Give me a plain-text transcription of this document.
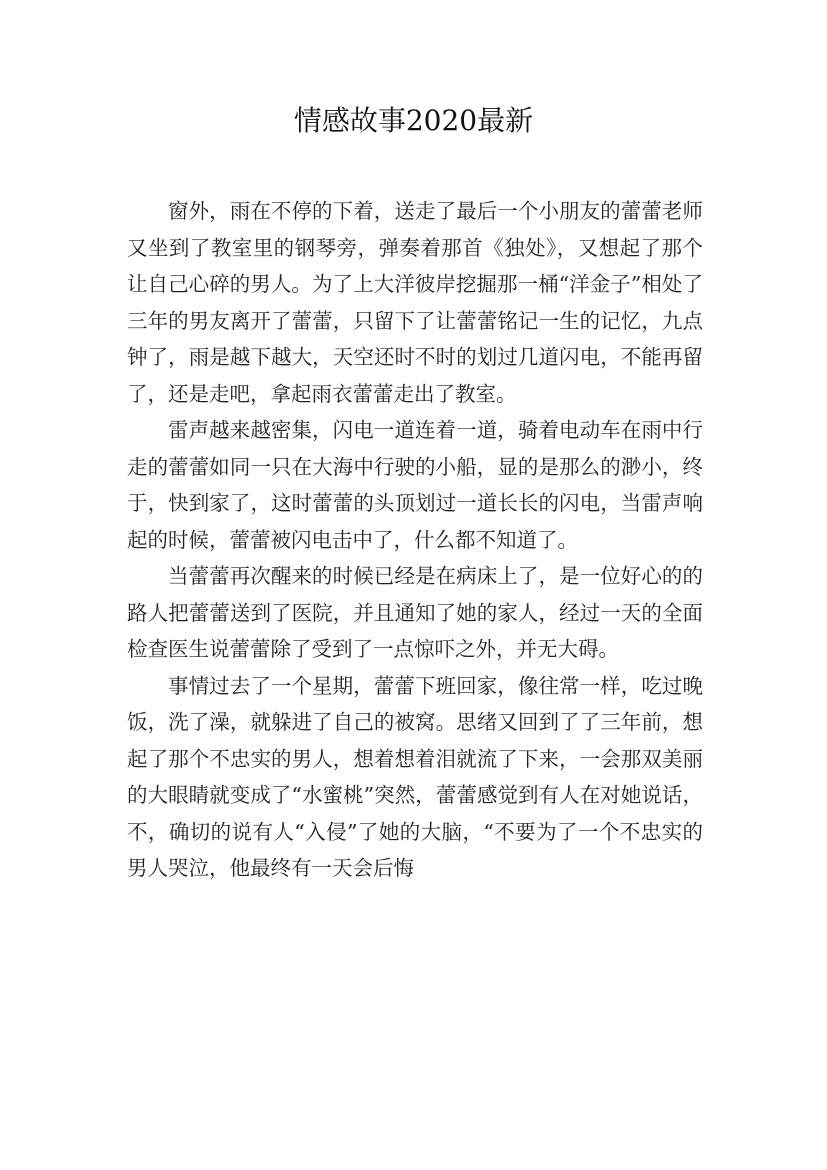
情感故事2020最新

窗外，雨在不停的下着，送走了最后一个小朋友的蕾蕾老师又坐到了教室里的钢琴旁，弹奏着那首《独处》，又想起了那个让自己心碎的男人。为了上大洋彼岸挖掘那一桶“洋金子”相处了三年的男友离开了蕾蕾，只留下了让蕾蕾铭记一生的记忆，九点钟了，雨是越下越大，天空还时不时的划过几道闪电，不能再留了，还是走吧，拿起雨衣蕾蕾走出了教室。

雷声越来越密集，闪电一道连着一道，骑着电动车在雨中行走的蕾蕾如同一只在大海中行驶的小船，显的是那么的渺小，终于，快到家了，这时蕾蕾的头顶划过一道长长的闪电，当雷声响起的时候，蕾蕾被闪电击中了，什么都不知道了。

当蕾蕾再次醒来的时候已经是在病床上了，是一位好心的的路人把蕾蕾送到了医院，并且通知了她的家人，经过一天的全面检查医生说蕾蕾除了受到了一点惊吓之外，并无大碍。

事情过去了一个星期，蕾蕾下班回家，像往常一样，吃过晚饭，洗了澡，就躲进了自己的被窝。思绪又回到了了三年前，想起了那个不忠实的男人，想着想着泪就流了下来，一会那双美丽的大眼睛就变成了“水蜜桃”突然，蕾蕾感觉到有人在对她说话，不，确切的说有人“入侵”了她的大脑，“不要为了一个不忠实的男人哭泣，他最终有一天会后悔
